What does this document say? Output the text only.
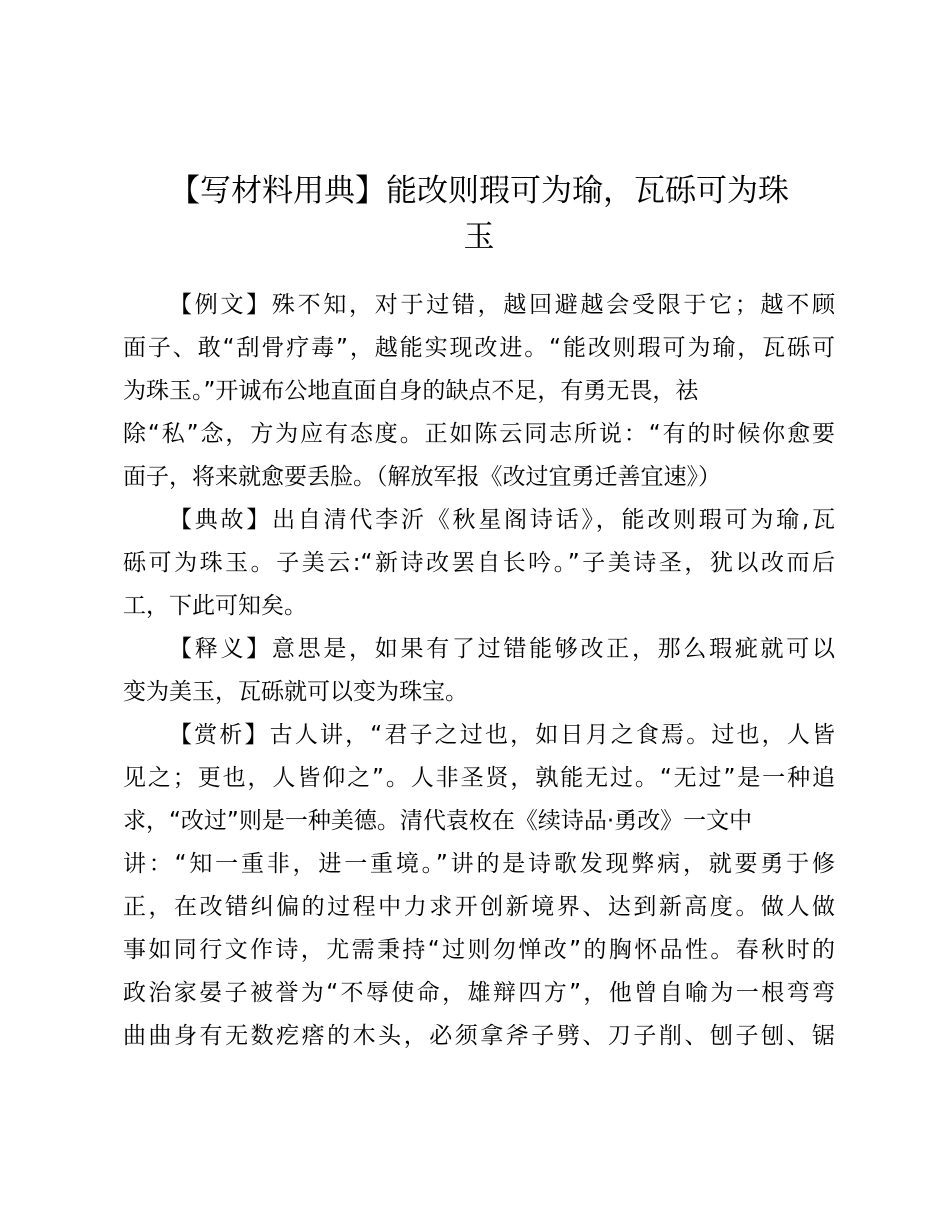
【写材料用典】能改则瑕可为瑜，瓦砾可为珠
玉
【例文】殊不知，对于过错，越回避越会受限于它；越不顾
面子、敢“刮骨疗毒”，越能实现改进。“能改则瑕可为瑜，瓦砾可
为珠玉。”开诚布公地直面自身的缺点不足，有勇无畏，祛
除“私”念，方为应有态度。正如陈云同志所说：“有的时候你愈要
面子，将来就愈要丢脸。（解放军报《改过宜勇迁善宜速》）
【典故】出自清代李沂《秋星阁诗话》，能改则瑕可为瑜,瓦
砾可为珠玉。子美云:“新诗改罢自长吟。”子美诗圣，犹以改而后
工，下此可知矣。
【释义】意思是，如果有了过错能够改正，那么瑕疵就可以
变为美玉，瓦砾就可以变为珠宝。
【赏析】古人讲，“君子之过也，如日月之食焉。过也，人皆
见之；更也，人皆仰之”。人非圣贤，孰能无过。“无过”是一种追
求，“改过”则是一种美德。清代袁枚在《续诗品·勇改》一文中
讲：“知一重非，进一重境。”讲的是诗歌发现弊病，就要勇于修
正，在改错纠偏的过程中力求开创新境界、达到新高度。做人做
事如同行文作诗，尤需秉持“过则勿惮改”的胸怀品性。春秋时的
政治家晏子被誉为“不辱使命，雄辩四方”，他曾自喻为一根弯弯
曲曲身有无数疙瘩的木头，必须拿斧子劈、刀子削、刨子刨、锯
